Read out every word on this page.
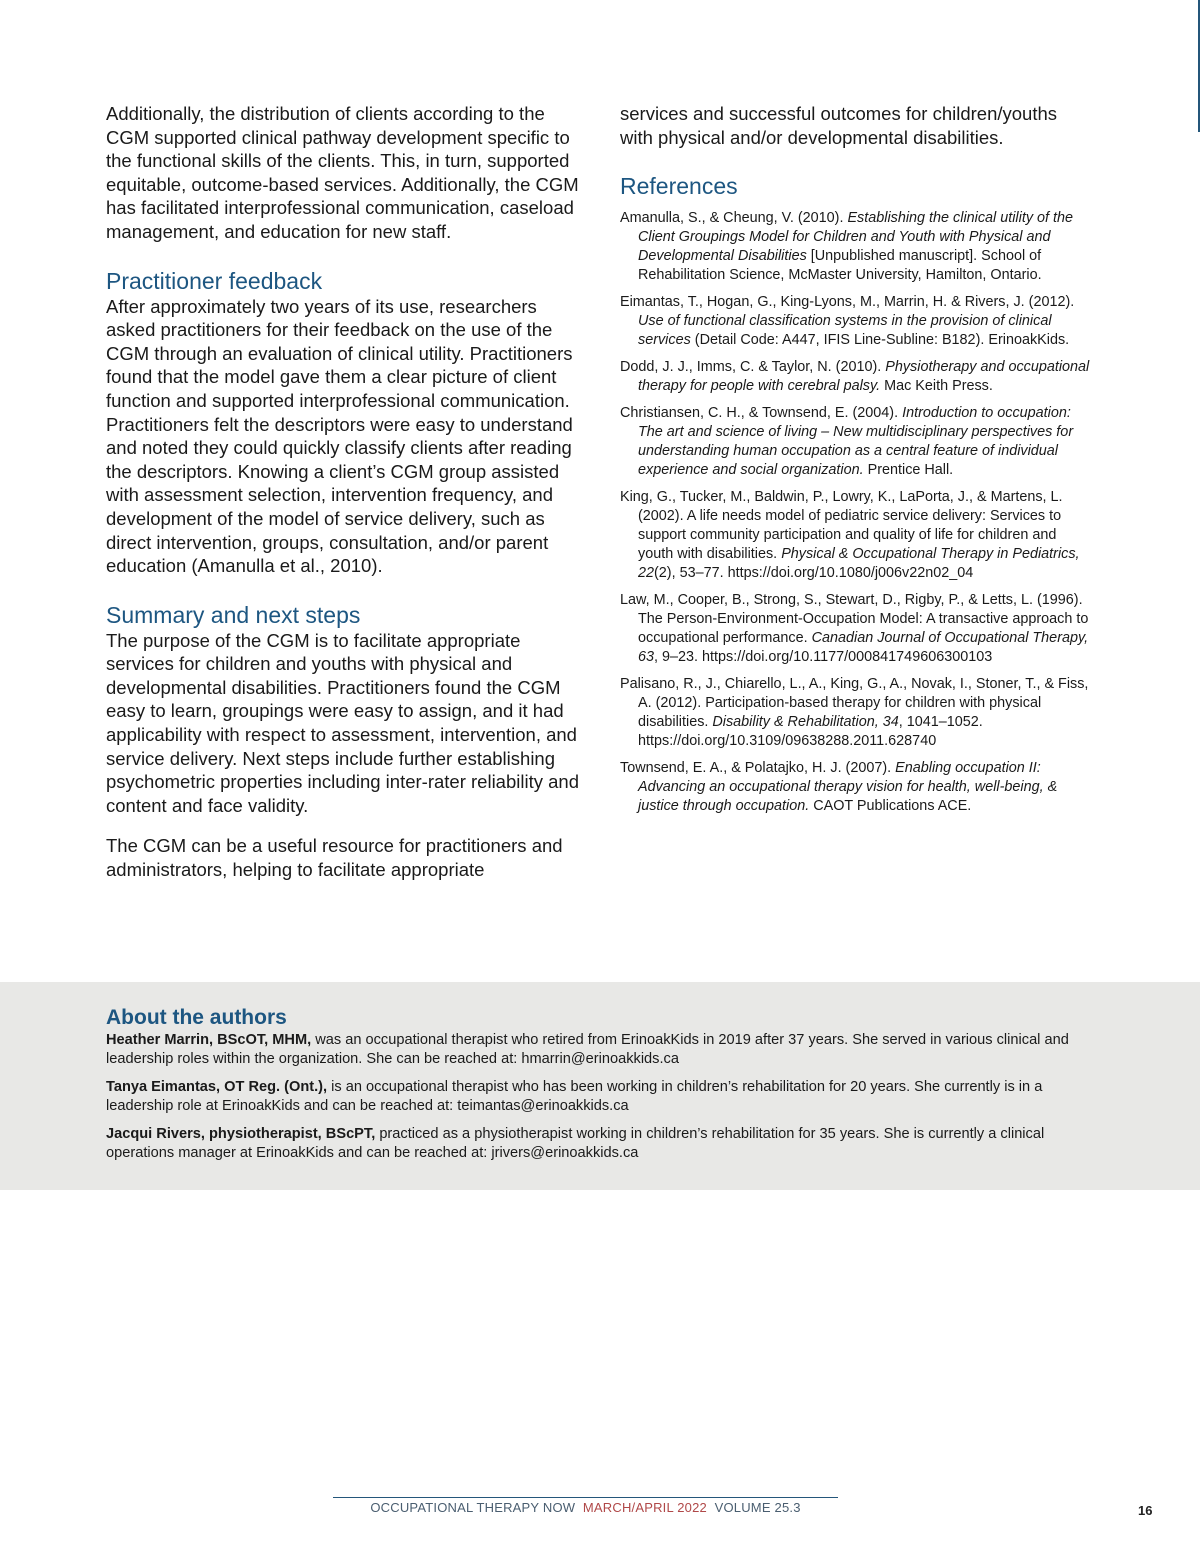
Additionally, the distribution of clients according to the CGM supported clinical pathway development specific to the functional skills of the clients. This, in turn, supported equitable, outcome-based services. Additionally, the CGM has facilitated interprofessional communication, caseload management, and education for new staff.

Practitioner feedback

After approximately two years of its use, researchers asked practitioners for their feedback on the use of the CGM through an evaluation of clinical utility. Practitioners found that the model gave them a clear picture of client function and supported interprofessional communication. Practitioners felt the descriptors were easy to understand and noted they could quickly classify clients after reading the descriptors. Knowing a client’s CGM group assisted with assessment selection, intervention frequency, and development of the model of service delivery, such as direct intervention, groups, consultation, and/or parent education (Amanulla et al., 2010).

Summary and next steps

The purpose of the CGM is to facilitate appropriate services for children and youths with physical and developmental disabilities. Practitioners found the CGM easy to learn, groupings were easy to assign, and it had applicability with respect to assessment, intervention, and service delivery. Next steps include further establishing psychometric properties including inter-rater reliability and content and face validity.

The CGM can be a useful resource for practitioners and administrators, helping to facilitate appropriate

services and successful outcomes for children/youths with physical and/or developmental disabilities.

References

Amanulla, S., & Cheung, V. (2010). Establishing the clinical utility of the Client Groupings Model for Children and Youth with Physical and Developmental Disabilities [Unpublished manuscript]. School of Rehabilitation Science, McMaster University, Hamilton, Ontario.

Eimantas, T., Hogan, G., King-Lyons, M., Marrin, H. & Rivers, J. (2012). Use of functional classification systems in the provision of clinical services (Detail Code: A447, IFIS Line-Subline: B182). ErinoakKids.

Dodd, J. J., Imms, C. & Taylor, N. (2010). Physiotherapy and occupational therapy for people with cerebral palsy. Mac Keith Press.

Christiansen, C. H., & Townsend, E. (2004). Introduction to occupation: The art and science of living – New multidisciplinary perspectives for understanding human occupation as a central feature of individual experience and social organization. Prentice Hall.

King, G., Tucker, M., Baldwin, P., Lowry, K., LaPorta, J., & Martens, L. (2002). A life needs model of pediatric service delivery: Services to support community participation and quality of life for children and youth with disabilities. Physical & Occupational Therapy in Pediatrics, 22(2), 53–77. https://doi.org/10.1080/j006v22n02_04

Law, M., Cooper, B., Strong, S., Stewart, D., Rigby, P., & Letts, L. (1996). The Person-Environment-Occupation Model: A transactive approach to occupational performance. Canadian Journal of Occupational Therapy, 63, 9–23. https://doi.org/10.1177/000841749606300103

Palisano, R., J., Chiarello, L., A., King, G., A., Novak, I., Stoner, T., & Fiss, A. (2012). Participation-based therapy for children with physical disabilities. Disability & Rehabilitation, 34, 1041–1052. https://doi.org/10.3109/09638288.2011.628740

Townsend, E. A., & Polatajko, H. J. (2007). Enabling occupation II: Advancing an occupational therapy vision for health, well-being, & justice through occupation. CAOT Publications ACE.

About the authors

Heather Marrin, BScOT, MHM, was an occupational therapist who retired from ErinoakKids in 2019 after 37 years. She served in various clinical and leadership roles within the organization. She can be reached at: hmarrin@erinoakkids.ca

Tanya Eimantas, OT Reg. (Ont.), is an occupational therapist who has been working in children’s rehabilitation for 20 years. She currently is in a leadership role at ErinoakKids and can be reached at: teimantas@erinoakkids.ca

Jacqui Rivers, physiotherapist, BScPT, practiced as a physiotherapist working in children’s rehabilitation for 35 years. She is currently a clinical operations manager at ErinoakKids and can be reached at: jrivers@erinoakkids.ca

OCCUPATIONAL THERAPY NOW MARCH/APRIL 2022 VOLUME 25.3	16
